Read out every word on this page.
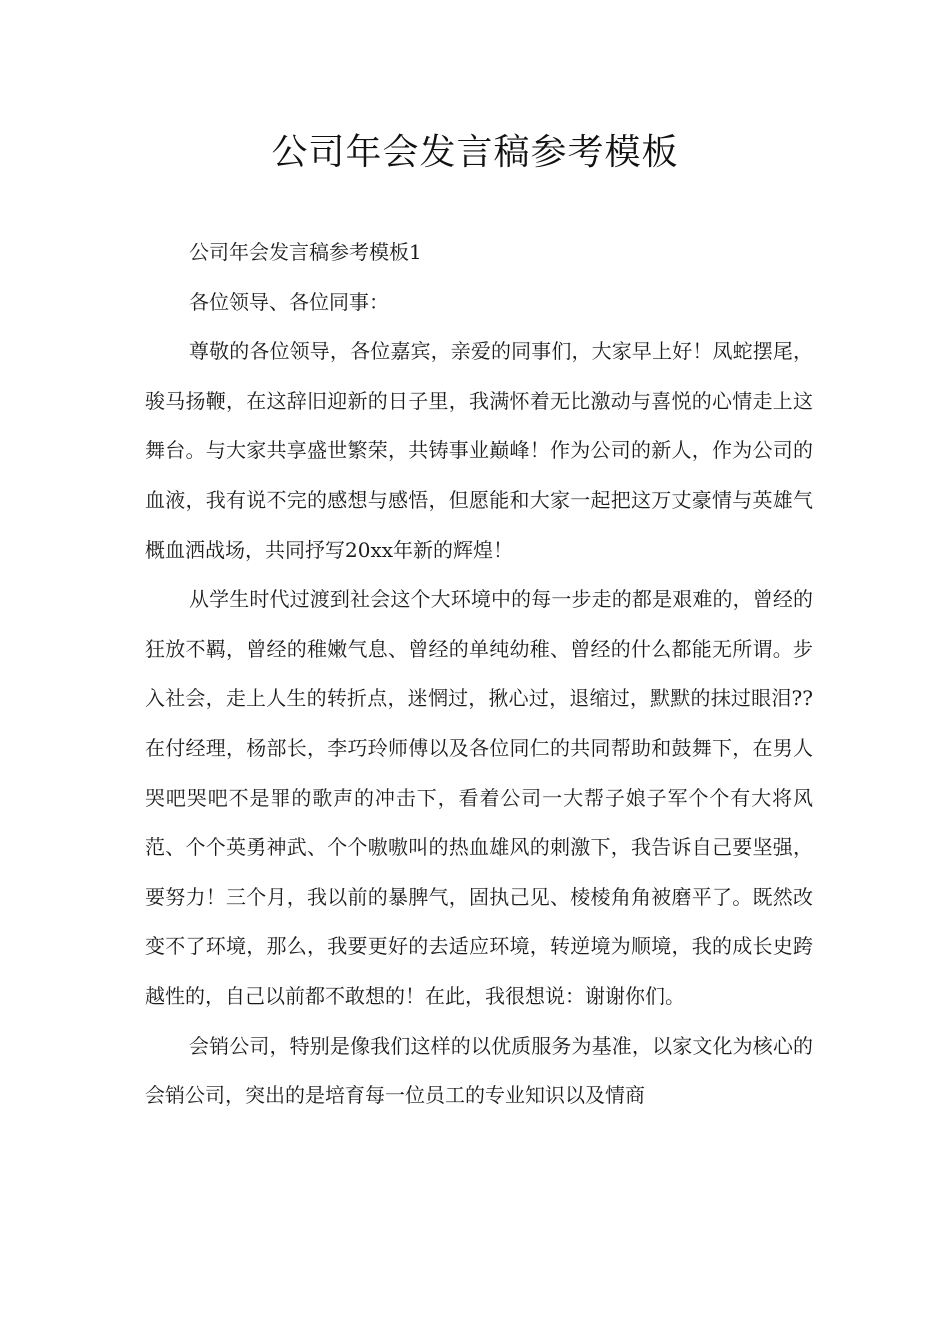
公司年会发言稿参考模板

公司年会发言稿参考模板1

各位领导、各位同事：

尊敬的各位领导，各位嘉宾，亲爱的同事们，大家早上好！凤蛇摆尾，骏马扬鞭，在这辞旧迎新的日子里，我满怀着无比激动与喜悦的心情走上这舞台。与大家共享盛世繁荣，共铸事业巅峰！作为公司的新人，作为公司的血液，我有说不完的感想与感悟，但愿能和大家一起把这万丈豪情与英雄气概血洒战场，共同抒写20xx年新的辉煌！

从学生时代过渡到社会这个大环境中的每一步走的都是艰难的，曾经的狂放不羁，曾经的稚嫩气息、曾经的单纯幼稚、曾经的什么都能无所谓。步入社会，走上人生的转折点，迷惘过，揪心过，退缩过，默默的抹过眼泪??在付经理，杨部长，李巧玲师傅以及各位同仁的共同帮助和鼓舞下，在男人哭吧哭吧不是罪的歌声的冲击下，看着公司一大帮子娘子军个个有大将风范、个个英勇神武、个个嗷嗷叫的热血雄风的刺激下，我告诉自己要坚强，要努力！三个月，我以前的暴脾气，固执己见、棱棱角角被磨平了。既然改变不了环境，那么，我要更好的去适应环境，转逆境为顺境，我的成长史跨越性的，自己以前都不敢想的！在此，我很想说：谢谢你们。

会销公司，特别是像我们这样的以优质服务为基准，以家文化为核心的会销公司，突出的是培育每一位员工的专业知识以及情商
